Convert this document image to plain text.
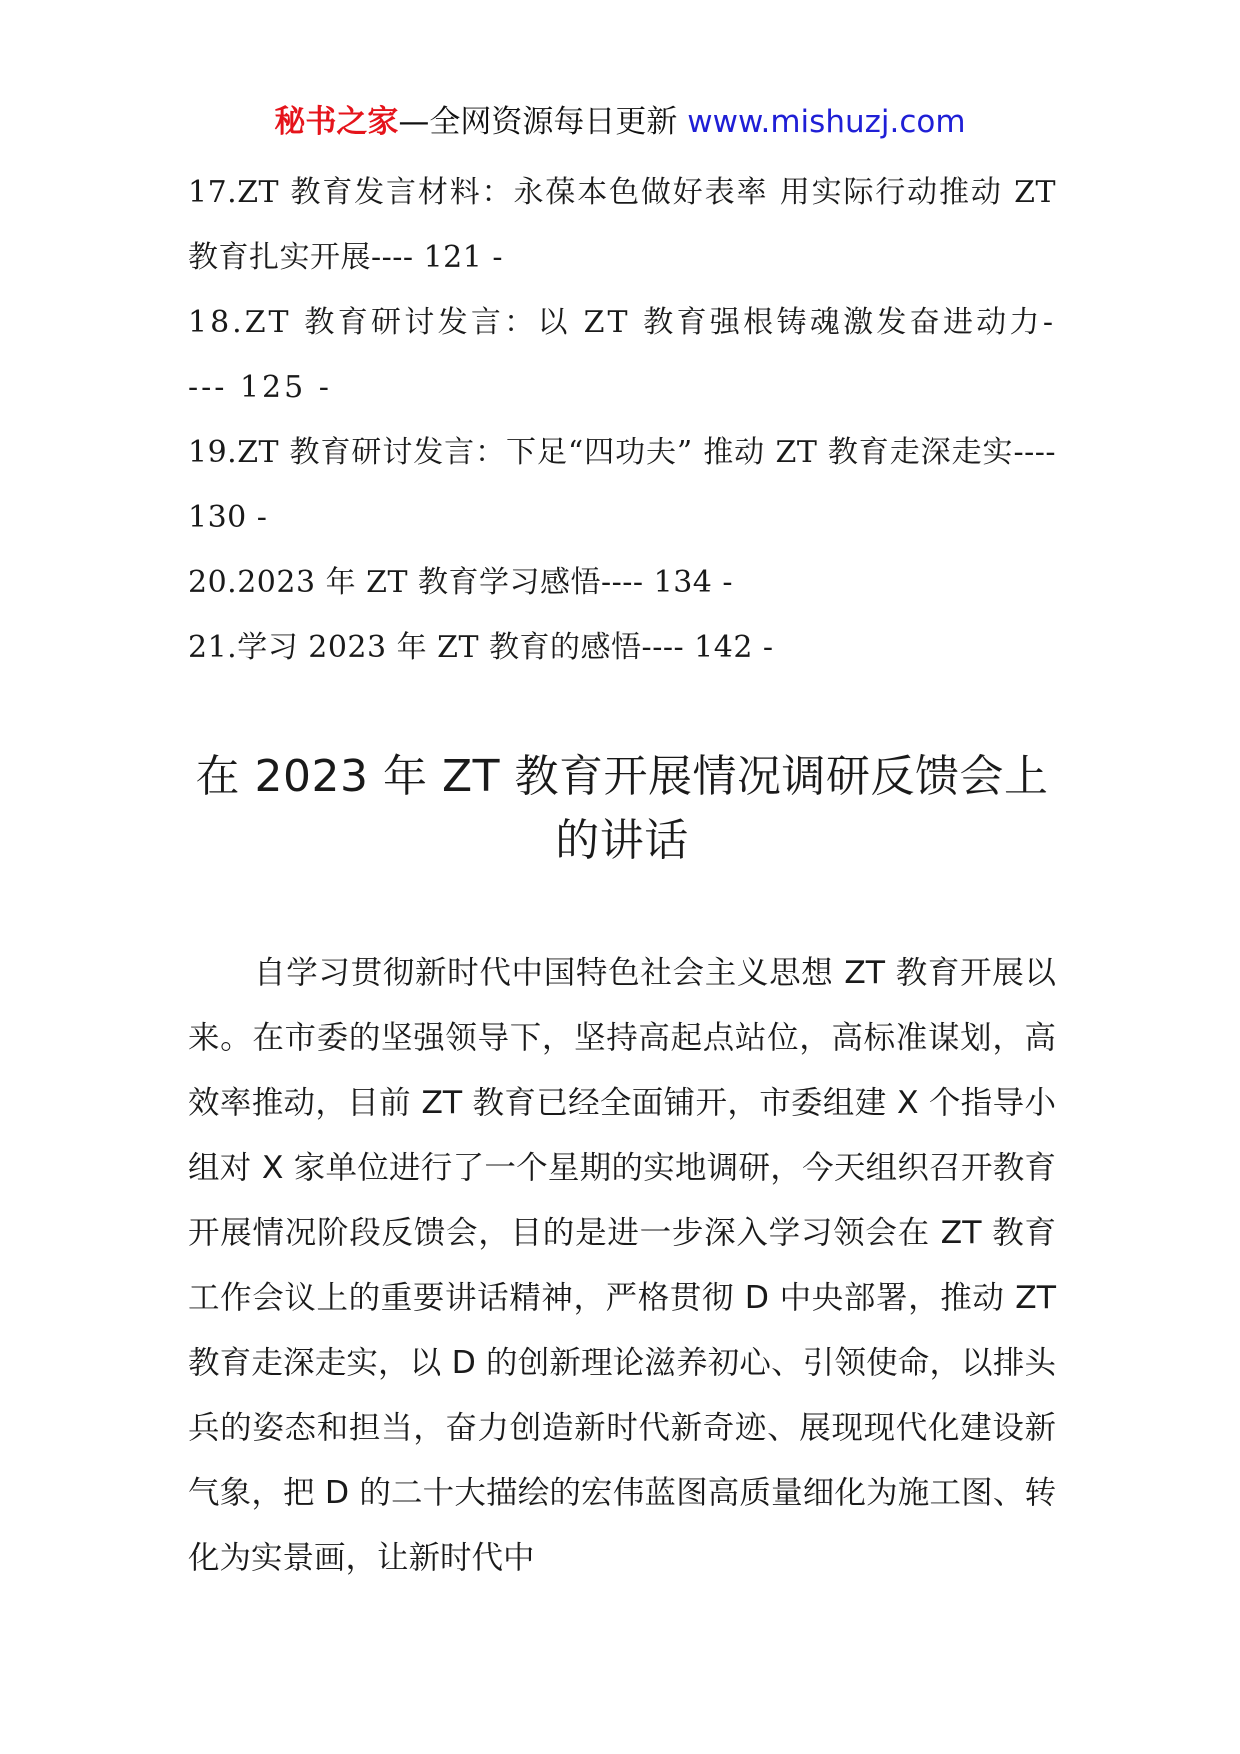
秘书之家—全网资源每日更新 www.mishuzj.com
17.ZT 教育发言材料：永葆本色做好表率 用实际行动推动 ZT 教育扎实开展---- 121 -
18.ZT 教育研讨发言：以 ZT 教育强根铸魂激发奋进动力---- 125 -
19.ZT 教育研讨发言：下足“四功夫” 推动 ZT 教育走深走实---- 130 -
20.2023 年 ZT 教育学习感悟---- 134 -
21.学习 2023 年 ZT 教育的感悟---- 142 -
在 2023 年 ZT 教育开展情况调研反馈会上的讲话

自学习贯彻新时代中国特色社会主义思想 ZT 教育开展以来。在市委的坚强领导下，坚持高起点站位，高标准谋划，高效率推动，目前 ZT 教育已经全面铺开，市委组建 X 个指导小组对 X 家单位进行了一个星期的实地调研，今天组织召开教育开展情况阶段反馈会，目的是进一步深入学习领会在 ZT 教育工作会议上的重要讲话精神，严格贯彻 D 中央部署，推动 ZT 教育走深走实，以 D 的创新理论滋养初心、引领使命，以排头兵的姿态和担当，奋力创造新时代新奇迹、展现现代化建设新气象，把 D 的二十大描绘的宏伟蓝图高质量细化为施工图、转化为实景画，让新时代中
